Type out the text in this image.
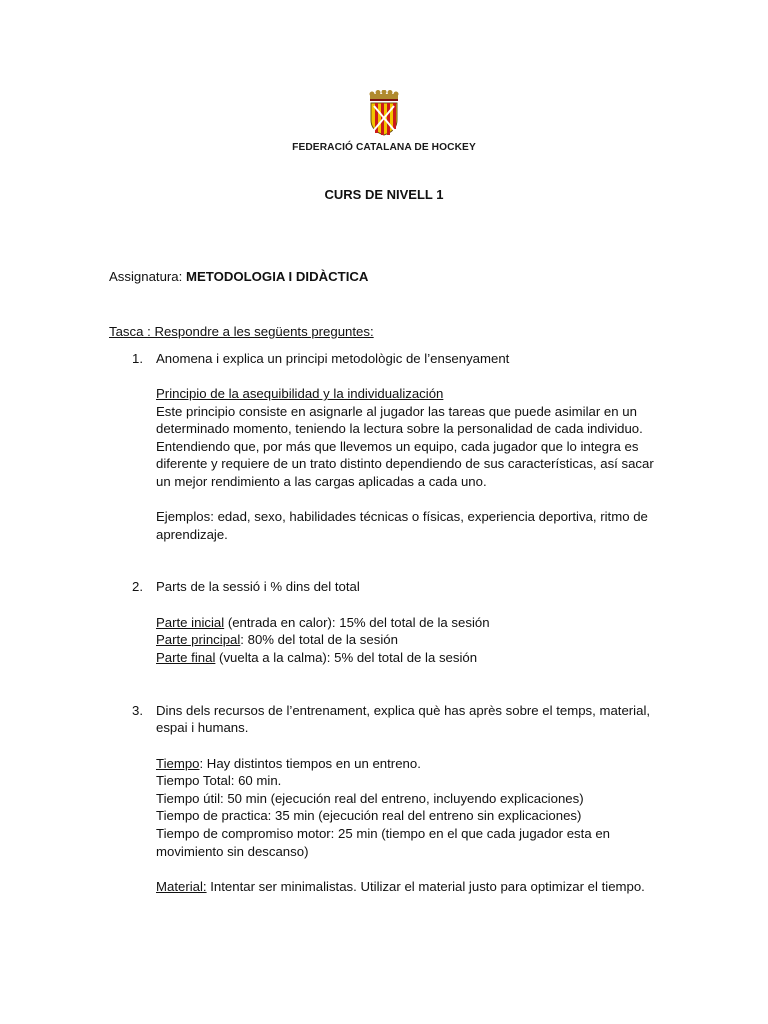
FEDERACIÓ CATALANA DE HOCKEY
CURS DE NIVELL 1
Assignatura: METODOLOGIA I DIDÀCTICA
Tasca : Respondre a les següents preguntes:
1. Anomena i explica un principi metodològic de l’ensenyament
Principio de la asequibilidad y la individualización
Este principio consiste en asignarle al jugador las tareas que puede asimilar en un
determinado momento, teniendo la lectura sobre la personalidad de cada individuo.
Entendiendo que, por más que llevemos un equipo, cada jugador que lo integra es
diferente y requiere de un trato distinto dependiendo de sus características, así sacar
un mejor rendimiento a las cargas aplicadas a cada uno.
Ejemplos: edad, sexo, habilidades técnicas o físicas, experiencia deportiva, ritmo de
aprendizaje.
2. Parts de la sessió i % dins del total
Parte inicial (entrada en calor): 15% del total de la sesión
Parte principal: 80% del total de la sesión
Parte final (vuelta a la calma): 5% del total de la sesión
3. Dins dels recursos de l’entrenament, explica què has après sobre el temps, material,
espai i humans.
Tiempo: Hay distintos tiempos en un entreno.
Tiempo Total: 60 min.
Tiempo útil: 50 min (ejecución real del entreno, incluyendo explicaciones)
Tiempo de practica: 35 min (ejecución real del entreno sin explicaciones)
Tiempo de compromiso motor: 25 min (tiempo en el que cada jugador esta en
movimiento sin descanso)
Material: Intentar ser minimalistas. Utilizar el material justo para optimizar el tiempo.
